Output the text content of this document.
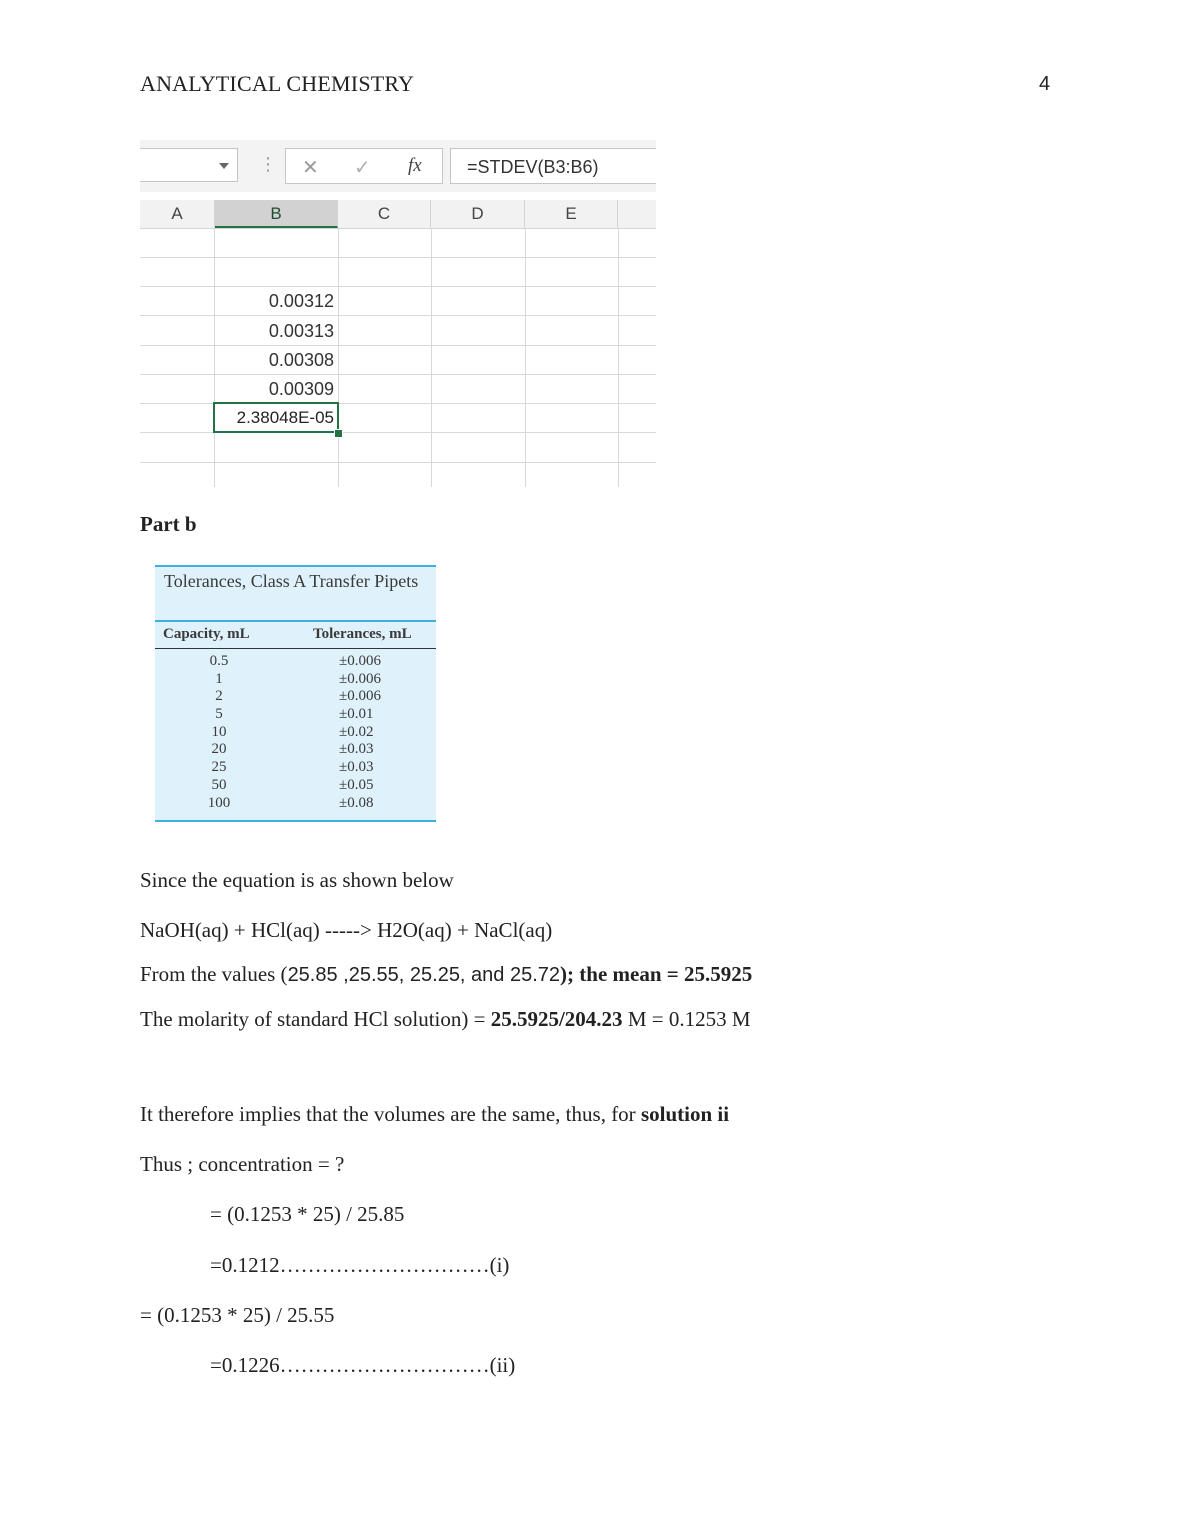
ANALYTICAL CHEMISTRY	4
⋮ ✕ ✓ fx	=STDEV(B3:B6)
A	B	C	D	E
0.00312
0.00313
0.00308
0.00309
2.38048E-05
Part b
Tolerances, Class A Transfer Pipets
Capacity, mL	Tolerances, mL
0.5	±0.006
1	±0.006
2	±0.006
5	±0.01
10	±0.02
20	±0.03
25	±0.03
50	±0.05
100	±0.08
Since the equation is as shown below
NaOH(aq) + HCl(aq) -----> H2O(aq) + NaCl(aq)
From the values (25.85 ,25.55, 25.25, and 25.72); the mean = 25.5925
The molarity of standard HCl solution) = 25.5925/204.23 M = 0.1253 M
It therefore implies that the volumes are the same, thus, for solution ii
Thus ; concentration = ?
= (0.1253 * 25) / 25.85
=0.1212…………………………(i)
= (0.1253 * 25) / 25.55
=0.1226…………………………(ii)
